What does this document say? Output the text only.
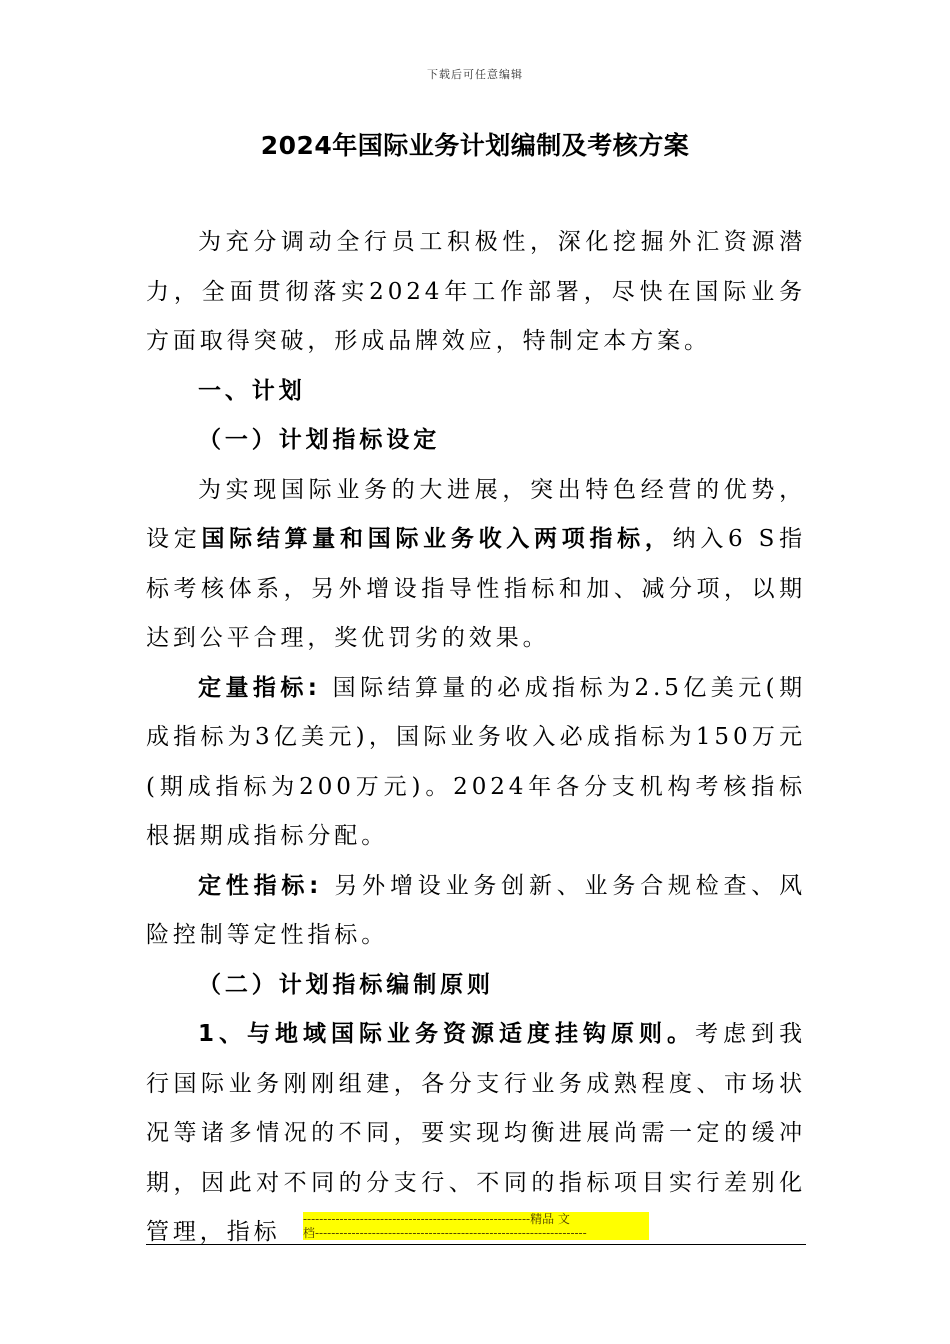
下载后可任意编辑
2024年国际业务计划编制及考核方案

为充分调动全行员工积极性，深化挖掘外汇资源潜力，全面贯彻落实2024年工作部署，尽快在国际业务方面取得突破，形成品牌效应，特制定本方案。

一、计划

（一）计划指标设定

为实现国际业务的大进展，突出特色经营的优势，设定国际结算量和国际业务收入两项指标，纳入6 S指标考核体系，另外增设指导性指标和加、减分项，以期达到公平合理，奖优罚劣的效果。

定量指标: 国际结算量的必成指标为2.5亿美元(期成指标为3亿美元)，国际业务收入必成指标为150万元(期成指标为200万元)。2024年各分支机构考核指标根据期成指标分配。

定性指标: 另外增设业务创新、业务合规检查、风险控制等定性指标。

（二）计划指标编制原则

1、与地域国际业务资源适度挂钩原则。考虑到我行国际业务刚刚组建，各分支行业务成熟程度、市场状况等诸多情况的不同，要实现均衡进展尚需一定的缓冲期，因此对不同的分支行、不同的指标项目实行差别化管理，指标	--------------------------------------------------------精品 文
档-------------------------------------------------------------------
